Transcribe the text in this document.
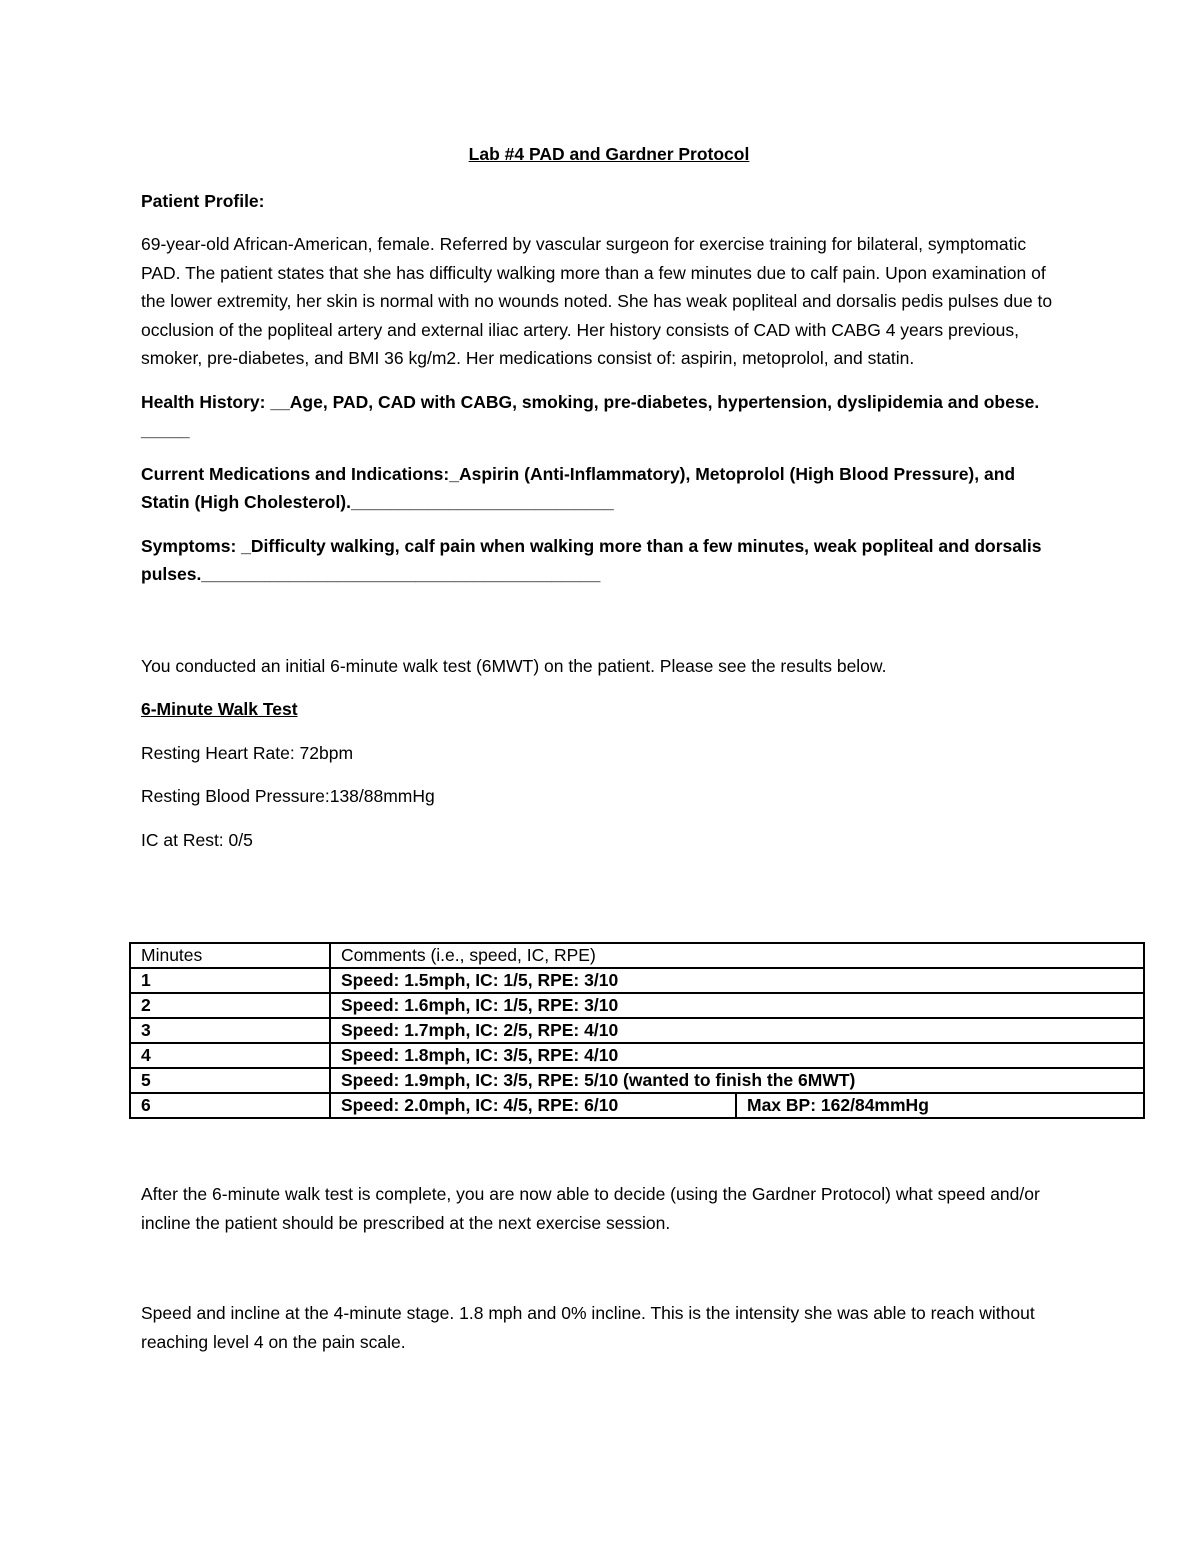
Lab #4 PAD and Gardner Protocol

Patient Profile:

69-year-old African-American, female. Referred by vascular surgeon for exercise training for bilateral, symptomatic PAD. The patient states that she has difficulty walking more than a few minutes due to calf pain. Upon examination of the lower extremity, her skin is normal with no wounds noted. She has weak popliteal and dorsalis pedis pulses due to occlusion of the popliteal artery and external iliac artery. Her history consists of CAD with CABG 4 years previous, smoker, pre-diabetes, and BMI 36 kg/m2. Her medications consist of: aspirin, metoprolol, and statin.

Health History: __Age, PAD, CAD with CABG, smoking, pre-diabetes, hypertension, dyslipidemia and obese. _____

Current Medications and Indications:_Aspirin (Anti-Inflammatory), Metoprolol (High Blood Pressure), and Statin (High Cholesterol).___________________________

Symptoms: _Difficulty walking, calf pain when walking more than a few minutes, weak popliteal and dorsalis pulses._________________________________________

You conducted an initial 6-minute walk test (6MWT) on the patient. Please see the results below.

6-Minute Walk Test

Resting Heart Rate: 72bpm

Resting Blood Pressure:138/88mmHg

IC at Rest: 0/5

Minutes	Comments (i.e., speed, IC, RPE)	
1	Speed: 1.5mph, IC: 1/5, RPE: 3/10	
2	Speed: 1.6mph, IC: 1/5, RPE: 3/10	
3	Speed: 1.7mph, IC: 2/5, RPE: 4/10	
4	Speed: 1.8mph, IC: 3/5, RPE: 4/10	
5	Speed: 1.9mph, IC: 3/5, RPE: 5/10 (wanted to finish the 6MWT)	
6	Speed: 2.0mph, IC: 4/5, RPE: 6/10	Max BP: 162/84mmHg

After the 6-minute walk test is complete, you are now able to decide (using the Gardner Protocol) what speed and/or incline the patient should be prescribed at the next exercise session.

Speed and incline at the 4-minute stage. 1.8 mph and 0% incline. This is the intensity she was able to reach without reaching level 4 on the pain scale.
